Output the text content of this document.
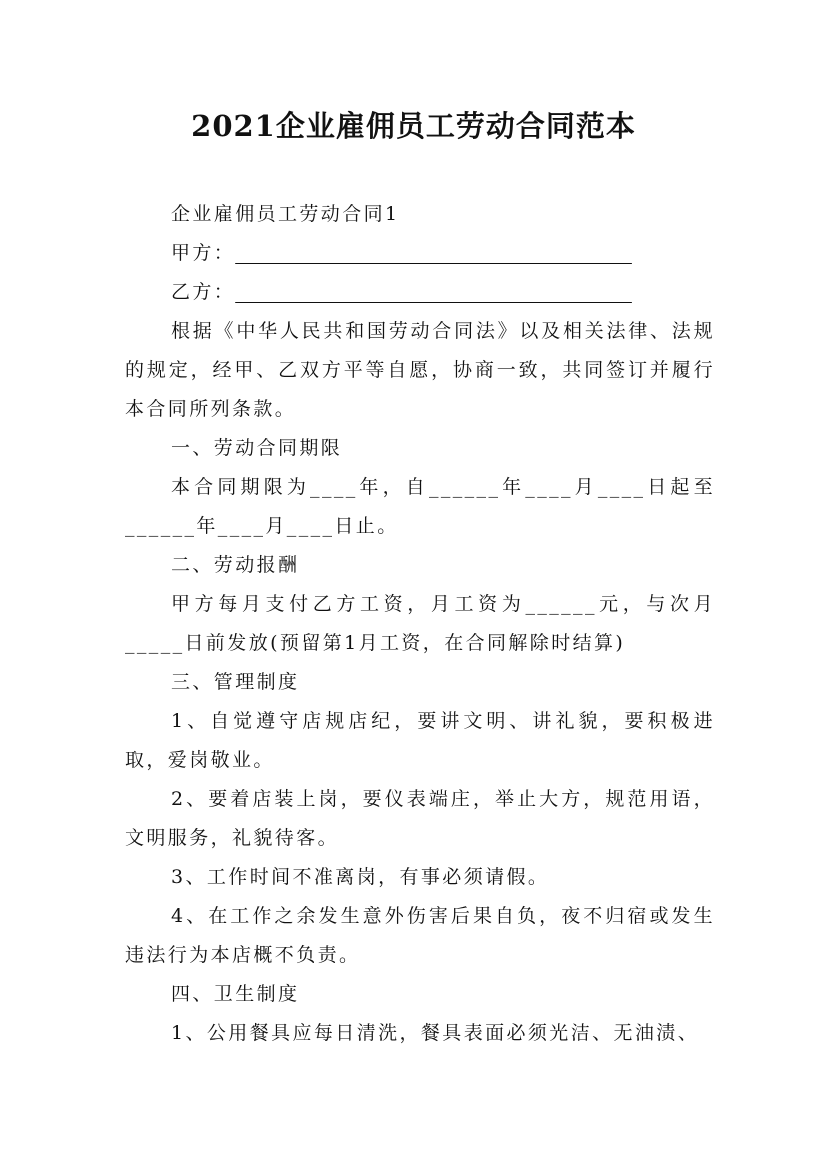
2021企业雇佣员工劳动合同范本

企业雇佣员工劳动合同1

甲方：

乙方：

根据《中华人民共和国劳动合同法》以及相关法律、法规的规定，经甲、乙双方平等自愿，协商一致，共同签订并履行本合同所列条款。

一、劳动合同期限

本合同期限为____年，自______年____月____日起至______年____月____日止。

二、劳动报酬

甲方每月支付乙方工资，月工资为______元，与次月_____日前发放(预留第1月工资，在合同解除时结算)

三、管理制度

1、自觉遵守店规店纪，要讲文明、讲礼貌，要积极进取，爱岗敬业。

2、要着店装上岗，要仪表端庄，举止大方，规范用语，文明服务，礼貌待客。

3、工作时间不准离岗，有事必须请假。

4、在工作之余发生意外伤害后果自负，夜不归宿或发生违法行为本店概不负责。

四、卫生制度

1、公用餐具应每日清洗，餐具表面必须光洁、无油渍、
